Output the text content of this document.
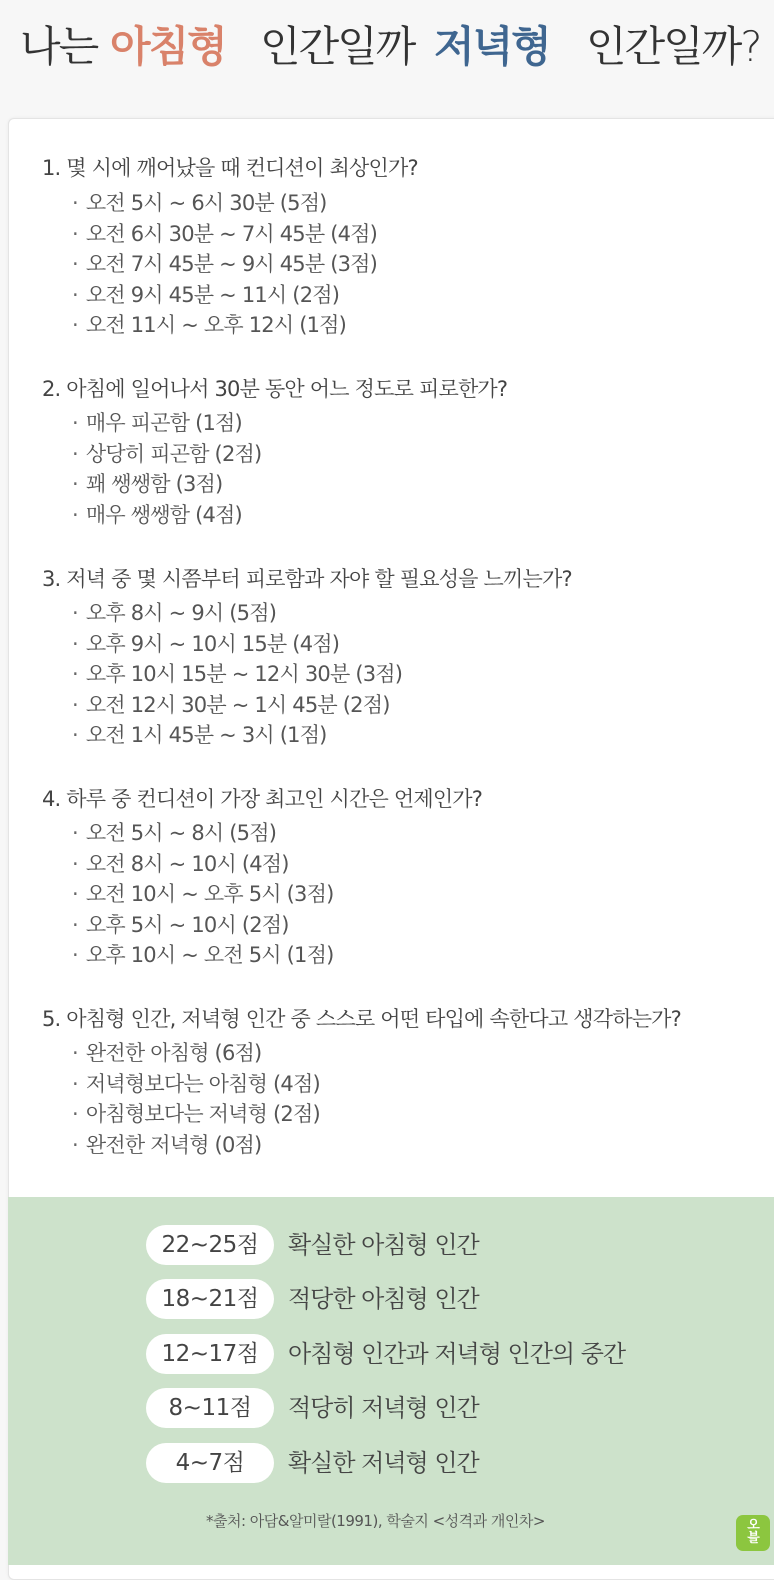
나는 아침형 인간일까 저녁형 인간일까?
1. 몇 시에 깨어났을 때 컨디션이 최상인가?
· 오전 5시 ~ 6시 30분 (5점)
· 오전 6시 30분 ~ 7시 45분 (4점)
· 오전 7시 45분 ~ 9시 45분 (3점)
· 오전 9시 45분 ~ 11시 (2점)
· 오전 11시 ~ 오후 12시 (1점)
2. 아침에 일어나서 30분 동안 어느 정도로 피로한가?
· 매우 피곤함 (1점)
· 상당히 피곤함 (2점)
· 꽤 쌩쌩함 (3점)
· 매우 쌩쌩함 (4점)
3. 저녁 중 몇 시쯤부터 피로함과 자야 할 필요성을 느끼는가?
· 오후 8시 ~ 9시 (5점)
· 오후 9시 ~ 10시 15분 (4점)
· 오후 10시 15분 ~ 12시 30분 (3점)
· 오전 12시 30분 ~ 1시 45분 (2점)
· 오전 1시 45분 ~ 3시 (1점)
4. 하루 중 컨디션이 가장 최고인 시간은 언제인가?
· 오전 5시 ~ 8시 (5점)
· 오전 8시 ~ 10시 (4점)
· 오전 10시 ~ 오후 5시 (3점)
· 오후 5시 ~ 10시 (2점)
· 오후 10시 ~ 오전 5시 (1점)
5. 아침형 인간, 저녁형 인간 중 스스로 어떤 타입에 속한다고 생각하는가?
· 완전한 아침형 (6점)
· 저녁형보다는 아침형 (4점)
· 아침형보다는 저녁형 (2점)
· 완전한 저녁형 (0점)
22~25점	확실한 아침형 인간
18~21점	적당한 아침형 인간
12~17점	아침형 인간과 저녁형 인간의 중간
8~11점	적당히 저녁형 인간
4~7점	확실한 저녁형 인간
*출처: 아담&알미랄(1991), 학술지 <성격과 개인차>	오
블
